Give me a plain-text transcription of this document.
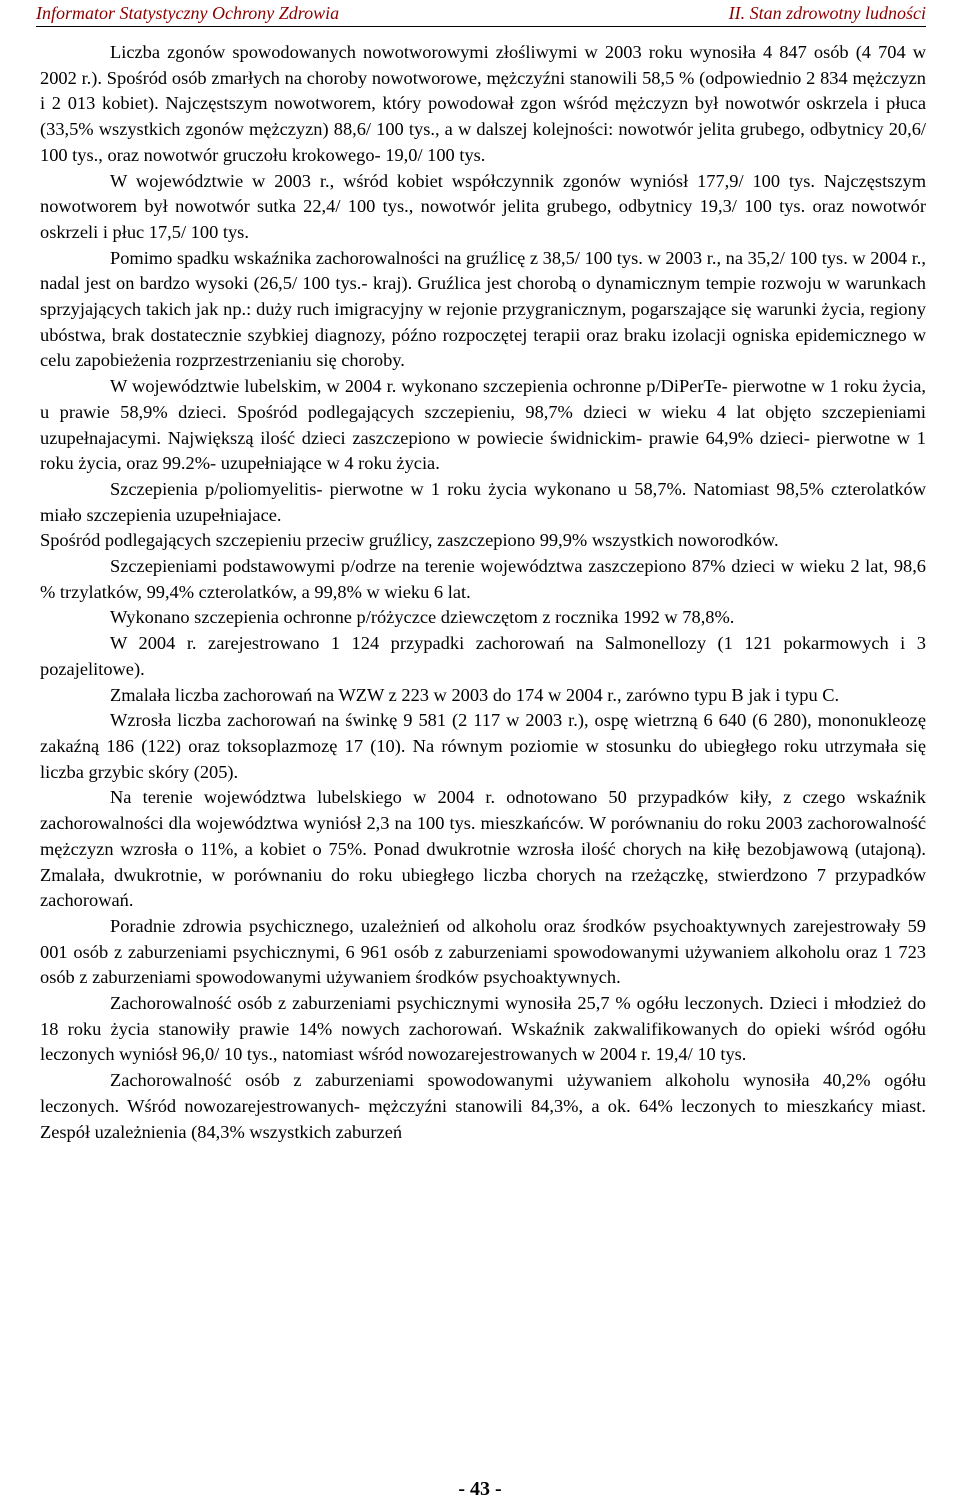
Informator Statystyczny Ochrony Zdrowia	II. Stan zdrowotny ludności

Liczba zgonów spowodowanych nowotworowymi złośliwymi w 2003 roku wynosiła 4 847 osób (4 704 w 2002 r.). Spośród osób zmarłych na choroby nowotworowe, mężczyźni stanowili 58,5 % (odpowiednio 2 834 mężczyzn i 2 013 kobiet). Najczęstszym nowotworem, który powodował zgon wśród mężczyzn był nowotwór oskrzela i płuca (33,5% wszystkich zgonów mężczyzn) 88,6/ 100 tys., a w dalszej kolejności: nowotwór jelita grubego, odbytnicy 20,6/ 100 tys., oraz nowotwór gruczołu krokowego- 19,0/ 100 tys.

W województwie w 2003 r., wśród kobiet współczynnik zgonów wyniósł 177,9/ 100 tys. Najczęstszym nowotworem był nowotwór sutka 22,4/ 100 tys., nowotwór jelita grubego, odbytnicy 19,3/ 100 tys. oraz nowotwór oskrzeli i płuc 17,5/ 100 tys.

Pomimo spadku wskaźnika zachorowalności na gruźlicę z 38,5/ 100 tys. w 2003 r., na 35,2/ 100 tys. w 2004 r., nadal jest on bardzo wysoki (26,5/ 100 tys.- kraj). Gruźlica jest chorobą o dynamicznym tempie rozwoju w warunkach sprzyjających takich jak np.: duży ruch imigracyjny w rejonie przygranicznym, pogarszające się warunki życia, regiony ubóstwa, brak dostatecznie szybkiej diagnozy, późno rozpoczętej terapii oraz braku izolacji ogniska epidemicznego w celu zapobieżenia rozprzestrzenianiu się choroby.

W województwie lubelskim, w 2004 r. wykonano szczepienia ochronne p/DiPerTe- pierwotne w 1 roku życia, u prawie 58,9% dzieci. Spośród podlegających szczepieniu, 98,7% dzieci w wieku 4 lat objęto szczepieniami uzupełnajacymi. Największą ilość dzieci zaszczepiono w powiecie świdnickim- prawie 64,9% dzieci- pierwotne w 1 roku życia, oraz 99.2%- uzupełniające w 4 roku życia.

Szczepienia p/poliomyelitis- pierwotne w 1 roku życia wykonano u 58,7%. Natomiast 98,5% czterolatków miało szczepienia uzupełniajace.

Spośród podlegających szczepieniu przeciw gruźlicy, zaszczepiono 99,9% wszystkich noworodków.

Szczepieniami podstawowymi p/odrze na terenie województwa zaszczepiono 87% dzieci w wieku 2 lat, 98,6 % trzylatków, 99,4% czterolatków, a 99,8% w wieku 6 lat.

Wykonano szczepienia ochronne p/różyczce dziewczętom z rocznika 1992 w 78,8%.

W 2004 r. zarejestrowano 1 124 przypadki zachorowań na Salmonellozy (1 121 pokarmowych i 3 pozajelitowe).

Zmalała liczba zachorowań na WZW z 223 w 2003 do 174 w 2004 r., zarówno typu B jak i typu C.

Wzrosła liczba zachorowań na świnkę 9 581 (2 117 w 2003 r.), ospę wietrzną 6 640 (6 280), mononukleozę zakaźną 186 (122) oraz toksoplazmozę 17 (10). Na równym poziomie w stosunku do ubiegłego roku utrzymała się liczba grzybic skóry (205).

Na terenie województwa lubelskiego w 2004 r. odnotowano 50 przypadków kiły, z czego wskaźnik zachorowalności dla województwa wyniósł 2,3 na 100 tys. mieszkańców. W porównaniu do roku 2003 zachorowalność mężczyzn wzrosła o 11%, a kobiet o 75%. Ponad dwukrotnie wzrosła ilość chorych na kiłę bezobjawową (utajoną). Zmalała, dwukrotnie, w porównaniu do roku ubiegłego liczba chorych na rzeżączkę, stwierdzono 7 przypadków zachorowań.

Poradnie zdrowia psychicznego, uzależnień od alkoholu oraz środków psychoaktywnych zarejestrowały 59 001 osób z zaburzeniami psychicznymi, 6 961 osób z zaburzeniami spowodowanymi używaniem alkoholu oraz 1 723 osób z zaburzeniami spowodowanymi używaniem środków psychoaktywnych.

Zachorowalność osób z zaburzeniami psychicznymi wynosiła 25,7 % ogółu leczonych. Dzieci i młodzież do 18 roku życia stanowiły prawie 14% nowych zachorowań. Wskaźnik zakwalifikowanych do opieki wśród ogółu leczonych wyniósł 96,0/ 10 tys., natomiast wśród nowozarejestrowanych w 2004 r. 19,4/ 10 tys.

Zachorowalność osób z zaburzeniami spowodowanymi używaniem alkoholu wynosiła 40,2% ogółu leczonych. Wśród nowozarejestrowanych- mężczyźni stanowili 84,3%, a ok. 64% leczonych to mieszkańcy miast. Zespół uzależnienia (84,3% wszystkich zaburzeń

- 43 -
